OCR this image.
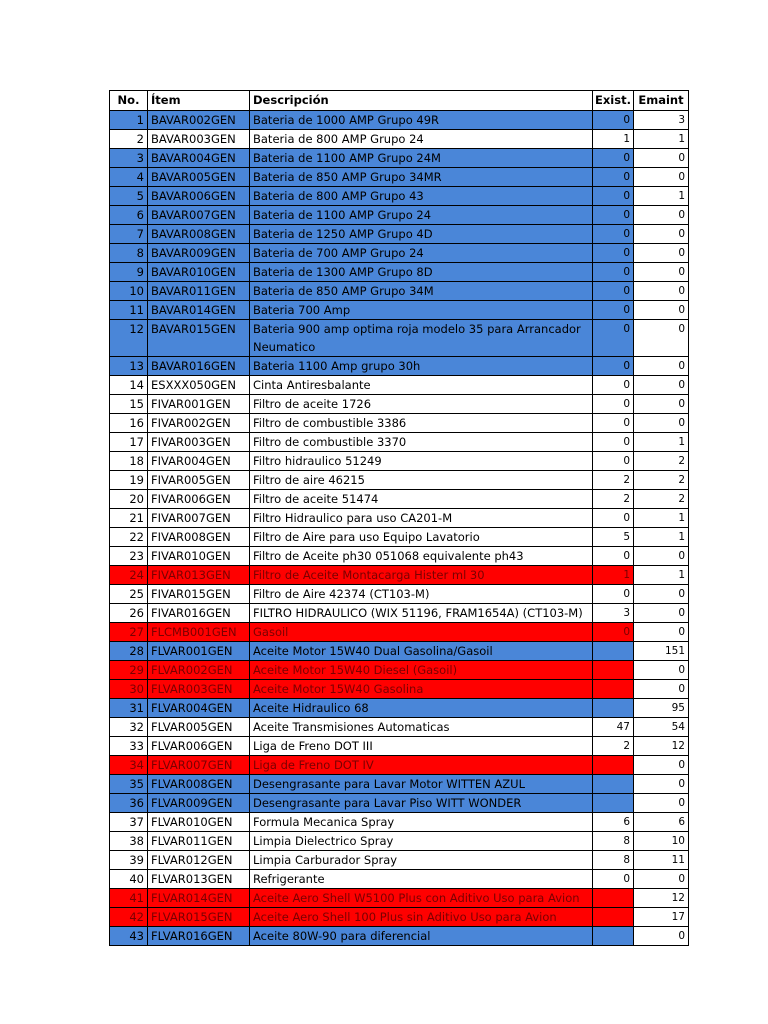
No.	Ítem	Descripción	Exist.	Emaint
1	BAVAR002GEN	Bateria de 1000 AMP Grupo 49R	0	3
2	BAVAR003GEN	Bateria de 800 AMP Grupo 24	1	1
3	BAVAR004GEN	Bateria de 1100 AMP Grupo 24M	0	0
4	BAVAR005GEN	Bateria de 850 AMP Grupo 34MR	0	0
5	BAVAR006GEN	Bateria de 800 AMP Grupo 43	0	1
6	BAVAR007GEN	Bateria de 1100 AMP Grupo 24	0	0
7	BAVAR008GEN	Bateria de 1250 AMP Grupo 4D	0	0
8	BAVAR009GEN	Bateria de 700 AMP Grupo 24	0	0
9	BAVAR010GEN	Bateria de 1300 AMP Grupo 8D	0	0
10	BAVAR011GEN	Bateria de 850 AMP Grupo 34M	0	0
11	BAVAR014GEN	Bateria 700 Amp	0	0
12	BAVAR015GEN	Bateria 900 amp optima roja modelo 35 para Arrancador Neumatico	0	0
13	BAVAR016GEN	Bateria 1100 Amp grupo 30h	0	0
14	ESXXX050GEN	Cinta Antiresbalante	0	0
15	FIVAR001GEN	Filtro de aceite 1726	0	0
16	FIVAR002GEN	Filtro de combustible 3386	0	0
17	FIVAR003GEN	Filtro de combustible 3370	0	1
18	FIVAR004GEN	Filtro hidraulico 51249	0	2
19	FIVAR005GEN	Filtro de aire 46215	2	2
20	FIVAR006GEN	Filtro de aceite 51474	2	2
21	FIVAR007GEN	Filtro Hidraulico para uso CA201-M	0	1
22	FIVAR008GEN	Filtro de Aire para uso Equipo Lavatorio	5	1
23	FIVAR010GEN	Filtro de Aceite ph30 051068 equivalente ph43	0	0
24	FIVAR013GEN	Filtro de Aceite Montacarga Hister ml 30	1	1
25	FIVAR015GEN	Filtro de Aire 42374 (CT103-M)	0	0
26	FIVAR016GEN	FILTRO HIDRAULICO (WIX 51196, FRAM1654A) (CT103-M)	3	0
27	FLCMB001GEN	Gasoil	0	0
28	FLVAR001GEN	Aceite Motor 15W40 Dual Gasolina/Gasoil		151
29	FLVAR002GEN	Aceite Motor 15W40 Diesel (Gasoil)		0
30	FLVAR003GEN	Aceite Motor 15W40 Gasolina		0
31	FLVAR004GEN	Aceite Hidraulico 68		95
32	FLVAR005GEN	Aceite Transmisiones Automaticas	47	54
33	FLVAR006GEN	Liga de Freno DOT III	2	12
34	FLVAR007GEN	Liga de Freno DOT IV		0
35	FLVAR008GEN	Desengrasante para Lavar Motor WITTEN AZUL		0
36	FLVAR009GEN	Desengrasante para Lavar Piso WITT WONDER		0
37	FLVAR010GEN	Formula Mecanica Spray	6	6
38	FLVAR011GEN	Limpia Dielectrico Spray	8	10
39	FLVAR012GEN	Limpia Carburador Spray	8	11
40	FLVAR013GEN	Refrigerante	0	0
41	FLVAR014GEN	Aceite Aero Shell W5100 Plus con Aditivo Uso para Avion		12
42	FLVAR015GEN	Aceite Aero Shell 100 Plus sin Aditivo Uso para Avion		17
43	FLVAR016GEN	Aceite 80W-90 para diferencial		0
